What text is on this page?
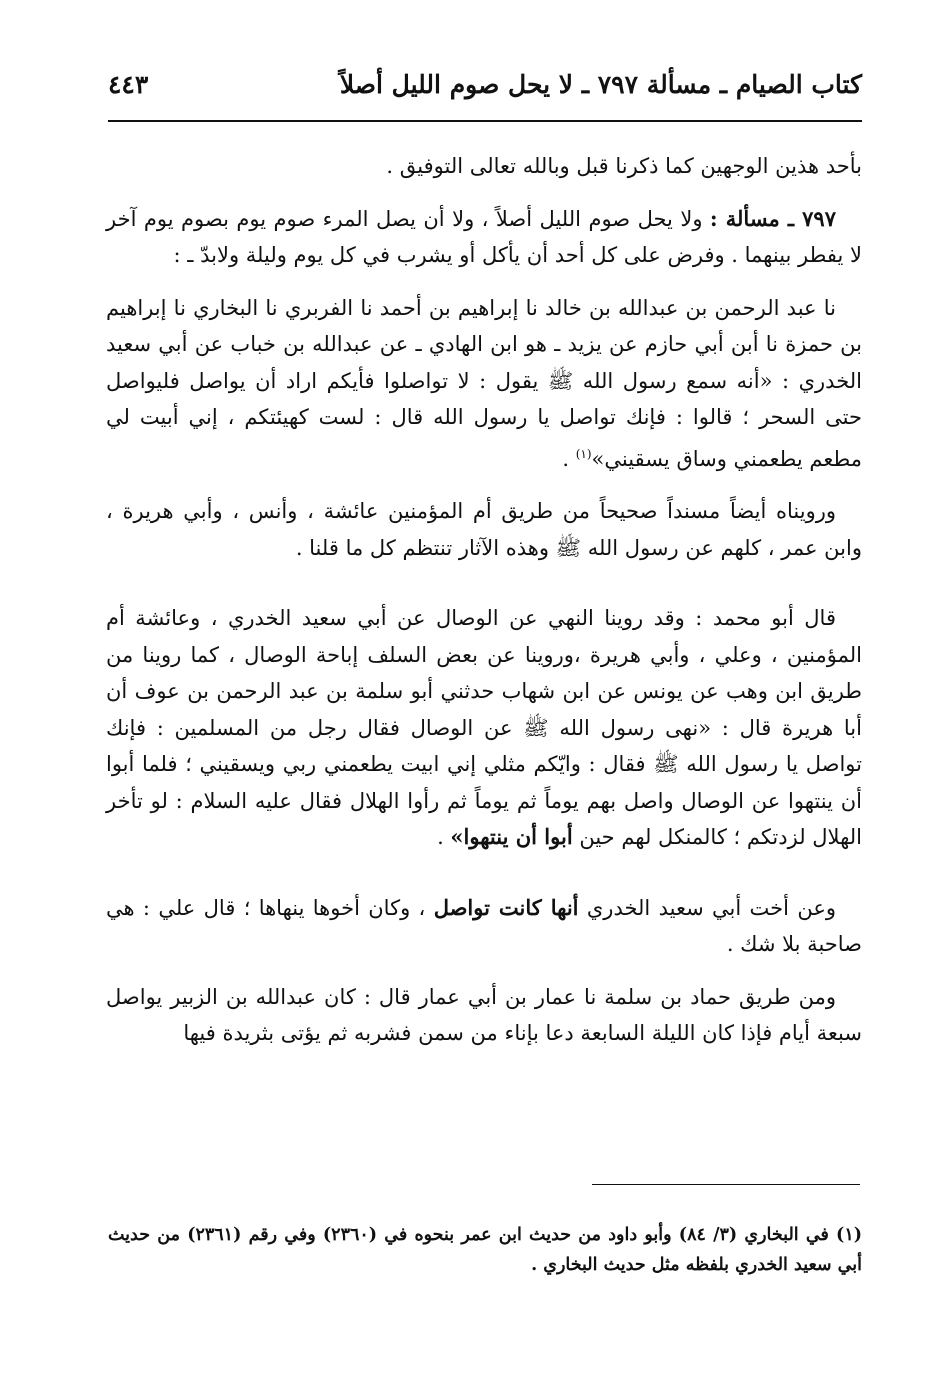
كتاب الصيام ـ مسألة ٧٩٧ ـ لا يحل صوم الليل أصلاً
٤٤٣

بأحد هذين الوجهين كما ذكرنا قبل وبالله تعالى التوفيق .

٧٩٧ ـ مسألة : ولا يحل صوم الليل أصلاً ، ولا أن يصل المرء صوم يوم بصوم يوم آخر لا يفطر بينهما . وفرض على كل أحد أن يأكل أو يشرب في كل يوم وليلة ولابدّ ـ :

نا عبد الرحمن بن عبدالله بن خالد نا إبراهيم بن أحمد نا الفربري نا البخاري نا إبراهيم بن حمزة نا أبن أبي حازم عن يزيد ـ هو ابن الهادي ـ عن عبدالله بن خباب عن أبي سعيد الخدري : «أنه سمع رسول الله ﷺ يقول : لا تواصلوا فأيكم اراد أن يواصل فليواصل حتى السحر ؛ قالوا : فإنك تواصل يا رسول الله قال : لست كهيئتكم ، إني أبيت لي مطعم يطعمني وساق يسقيني»$^{(١)}$ .

ورويناه أيضاً مسنداً صحيحاً من طريق أم المؤمنين عائشة ، وأنس ، وأبي هريرة ، وابن عمر ، كلهم عن رسول الله ﷺ وهذه الآثار تنتظم كل ما قلنا .

قال أبو محمد : وقد روينا النهي عن الوصال عن أبي سعيد الخدري ، وعائشة أم المؤمنين ، وعلي ، وأبي هريرة ،وروينا عن بعض السلف إباحة الوصال ، كما روينا من طريق ابن وهب عن يونس عن ابن شهاب حدثني أبو سلمة بن عبد الرحمن بن عوف أن أبا هريرة قال : «نهى رسول الله ﷺ عن الوصال فقال رجل من المسلمين : فإنك تواصل يا رسول الله ﷺ فقال : وايّكم مثلي إني ابيت يطعمني ربي ويسقيني ؛ فلما أبوا أن ينتهوا عن الوصال واصل بهم يوماً ثم يوماً ثم رأوا الهلال فقال عليه السلام : لو تأخر الهلال لزدتكم ؛ كالمنكل لهم حين أبوا أن ينتهوا» .

وعن أخت أبي سعيد الخدري أنها كانت تواصل ، وكان أخوها ينهاها ؛ قال علي : هي صاحبة بلا شك .

ومن طريق حماد بن سلمة نا عمار بن أبي عمار قال : كان عبدالله بن الزبير يواصل سبعة أيام فإذا كان الليلة السابعة دعا بإناء من سمن فشربه ثم يؤتى بثريدة فيها

(١) في البخاري (٣/ ٨٤) وأبو داود من حديث ابن عمر بنحوه في (٢٣٦٠) وفي رقم (٢٣٦١) من حديث أبي سعيد الخدري بلفظه مثل حديث البخاري .
